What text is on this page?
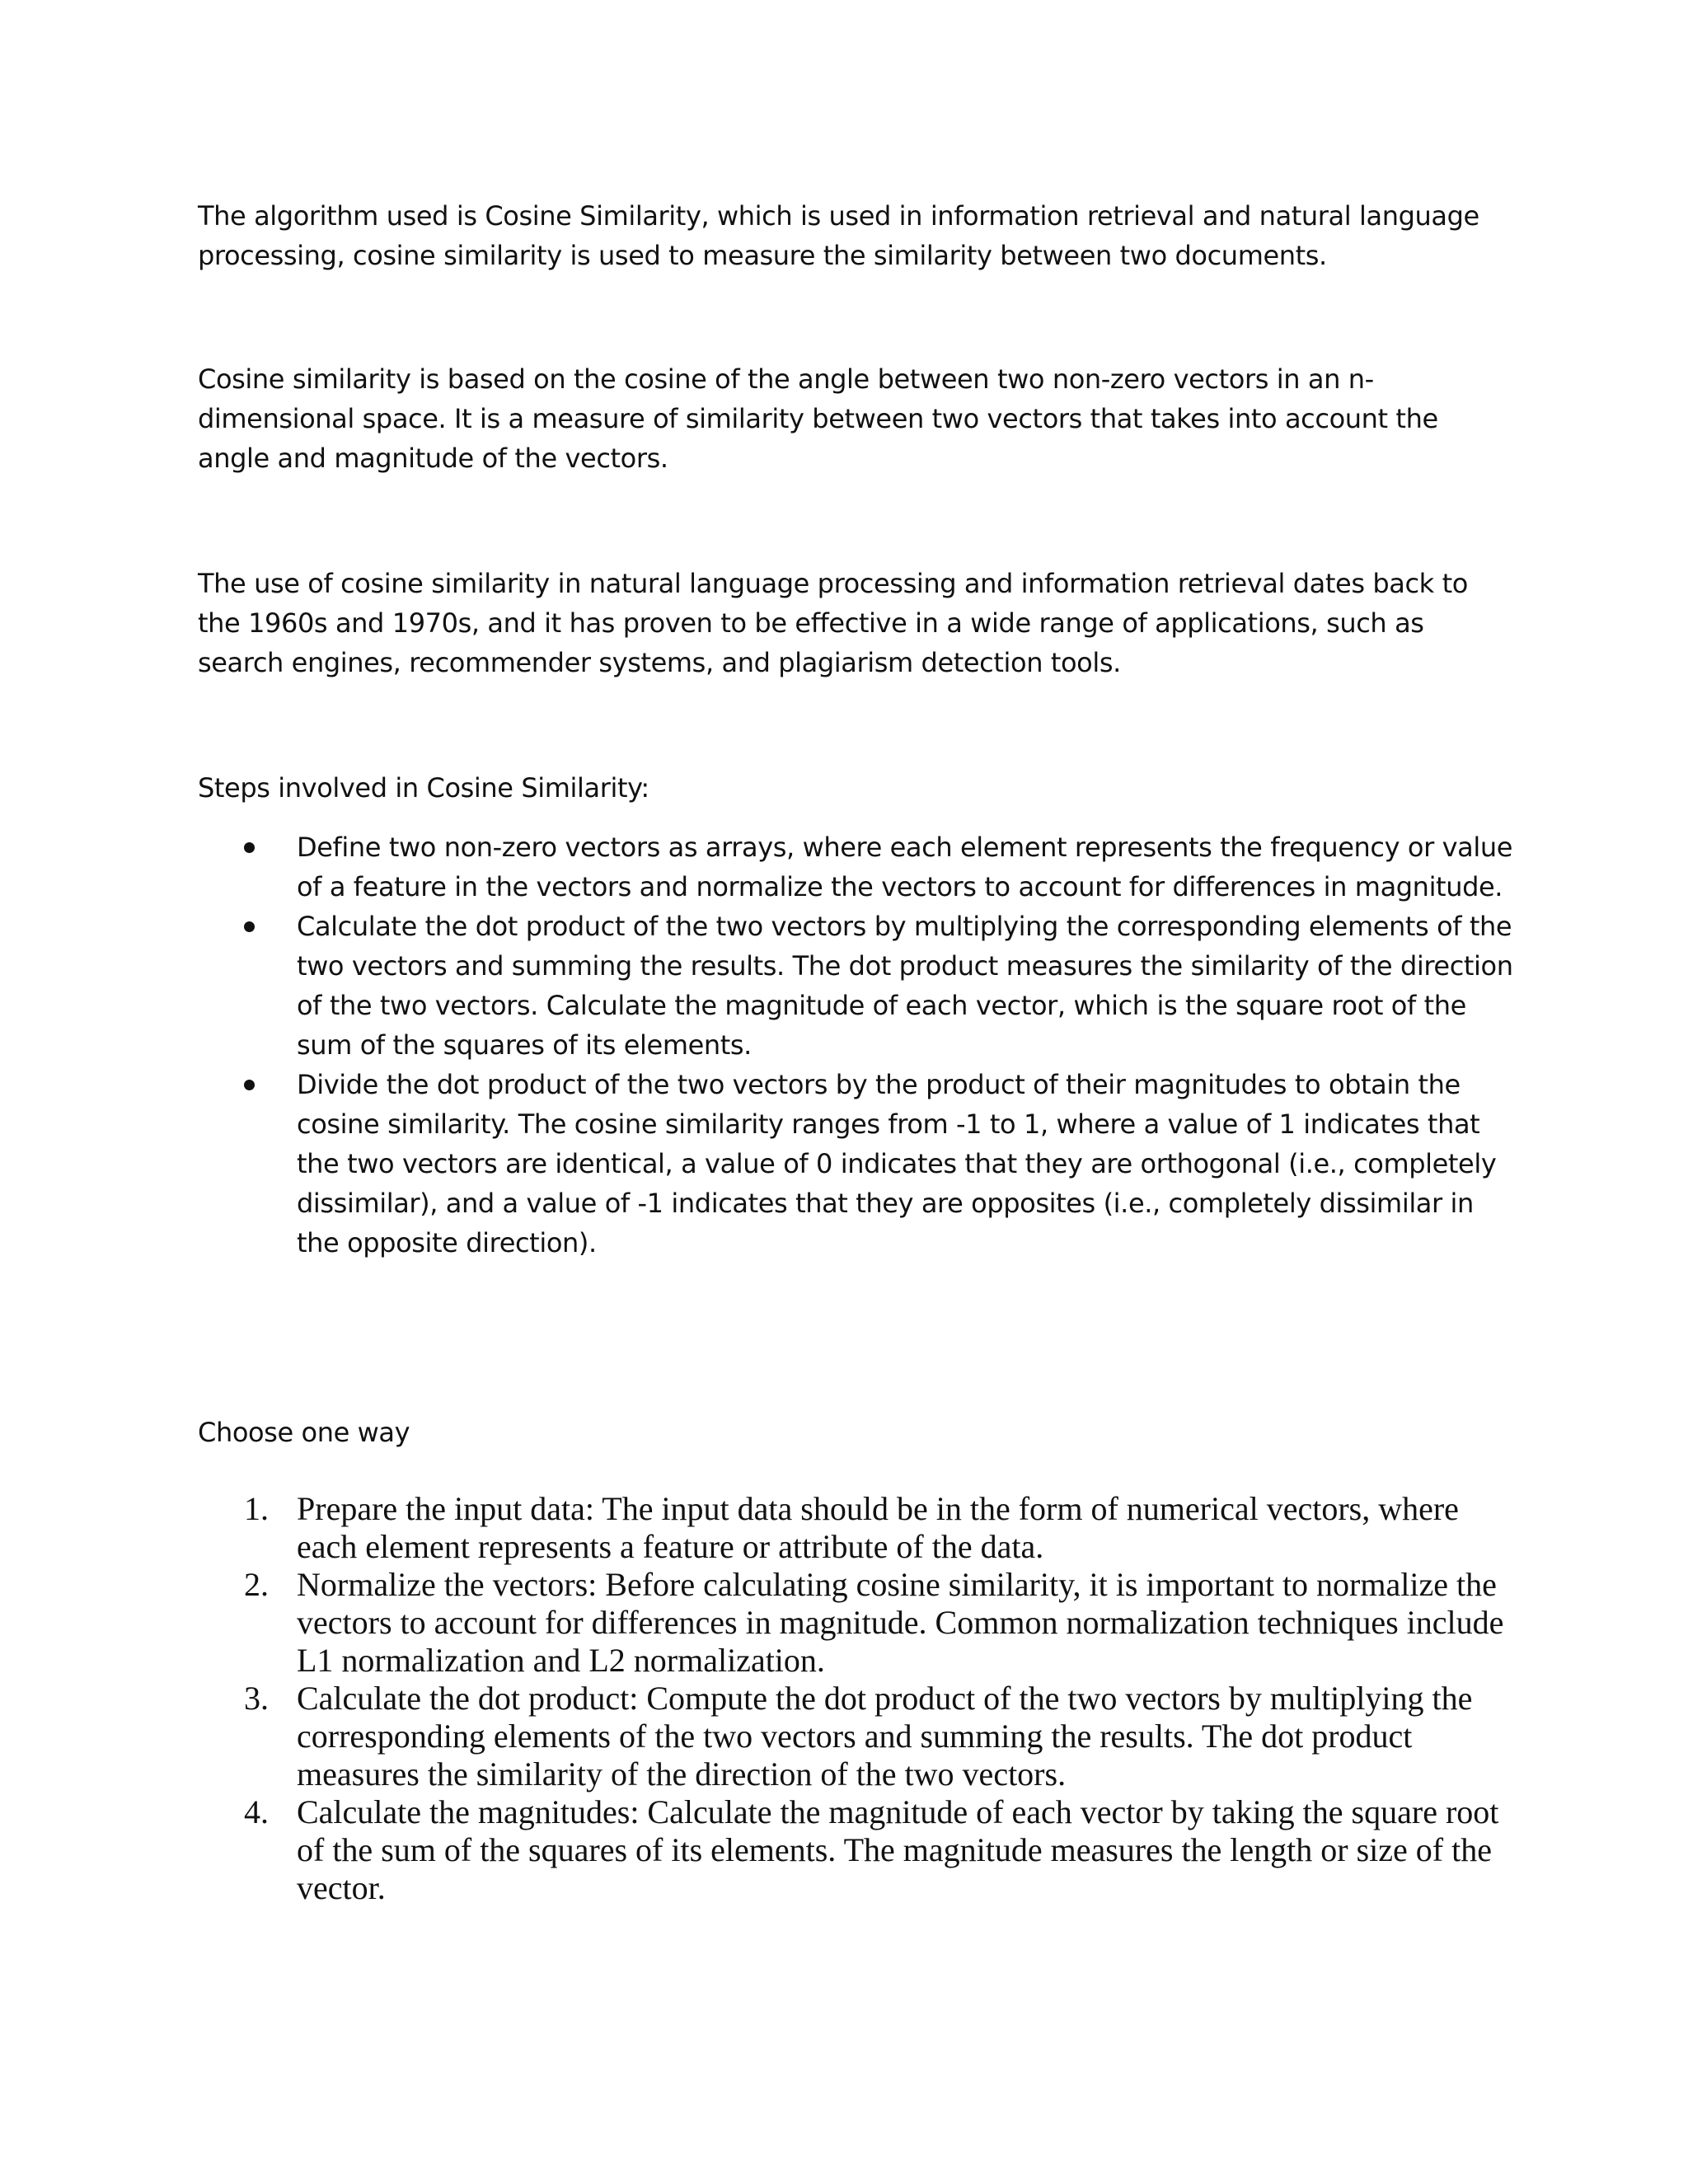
The algorithm used is Cosine Similarity, which is used in information retrieval and natural language processing, cosine similarity is used to measure the similarity between two documents.

Cosine similarity is based on the cosine of the angle between two non-zero vectors in an n-dimensional space. It is a measure of similarity between two vectors that takes into account the angle and magnitude of the vectors.

The use of cosine similarity in natural language processing and information retrieval dates back to the 1960s and 1970s, and it has proven to be effective in a wide range of applications, such as search engines, recommender systems, and plagiarism detection tools.

Steps involved in Cosine Similarity:

Define two non-zero vectors as arrays, where each element represents the frequency or value of a feature in the vectors and normalize the vectors to account for differences in magnitude.
Calculate the dot product of the two vectors by multiplying the corresponding elements of the two vectors and summing the results. The dot product measures the similarity of the direction of the two vectors. Calculate the magnitude of each vector, which is the square root of the sum of the squares of its elements.
Divide the dot product of the two vectors by the product of their magnitudes to obtain the cosine similarity. The cosine similarity ranges from -1 to 1, where a value of 1 indicates that the two vectors are identical, a value of 0 indicates that they are orthogonal (i.e., completely dissimilar), and a value of -1 indicates that they are opposites (i.e., completely dissimilar in the opposite direction).

Choose one way

1. Prepare the input data: The input data should be in the form of numerical vectors, where each element represents a feature or attribute of the data.
2. Normalize the vectors: Before calculating cosine similarity, it is important to normalize the vectors to account for differences in magnitude. Common normalization techniques include L1 normalization and L2 normalization.
3. Calculate the dot product: Compute the dot product of the two vectors by multiplying the corresponding elements of the two vectors and summing the results. The dot product measures the similarity of the direction of the two vectors.
4. Calculate the magnitudes: Calculate the magnitude of each vector by taking the square root of the sum of the squares of its elements. The magnitude measures the length or size of the vector.
